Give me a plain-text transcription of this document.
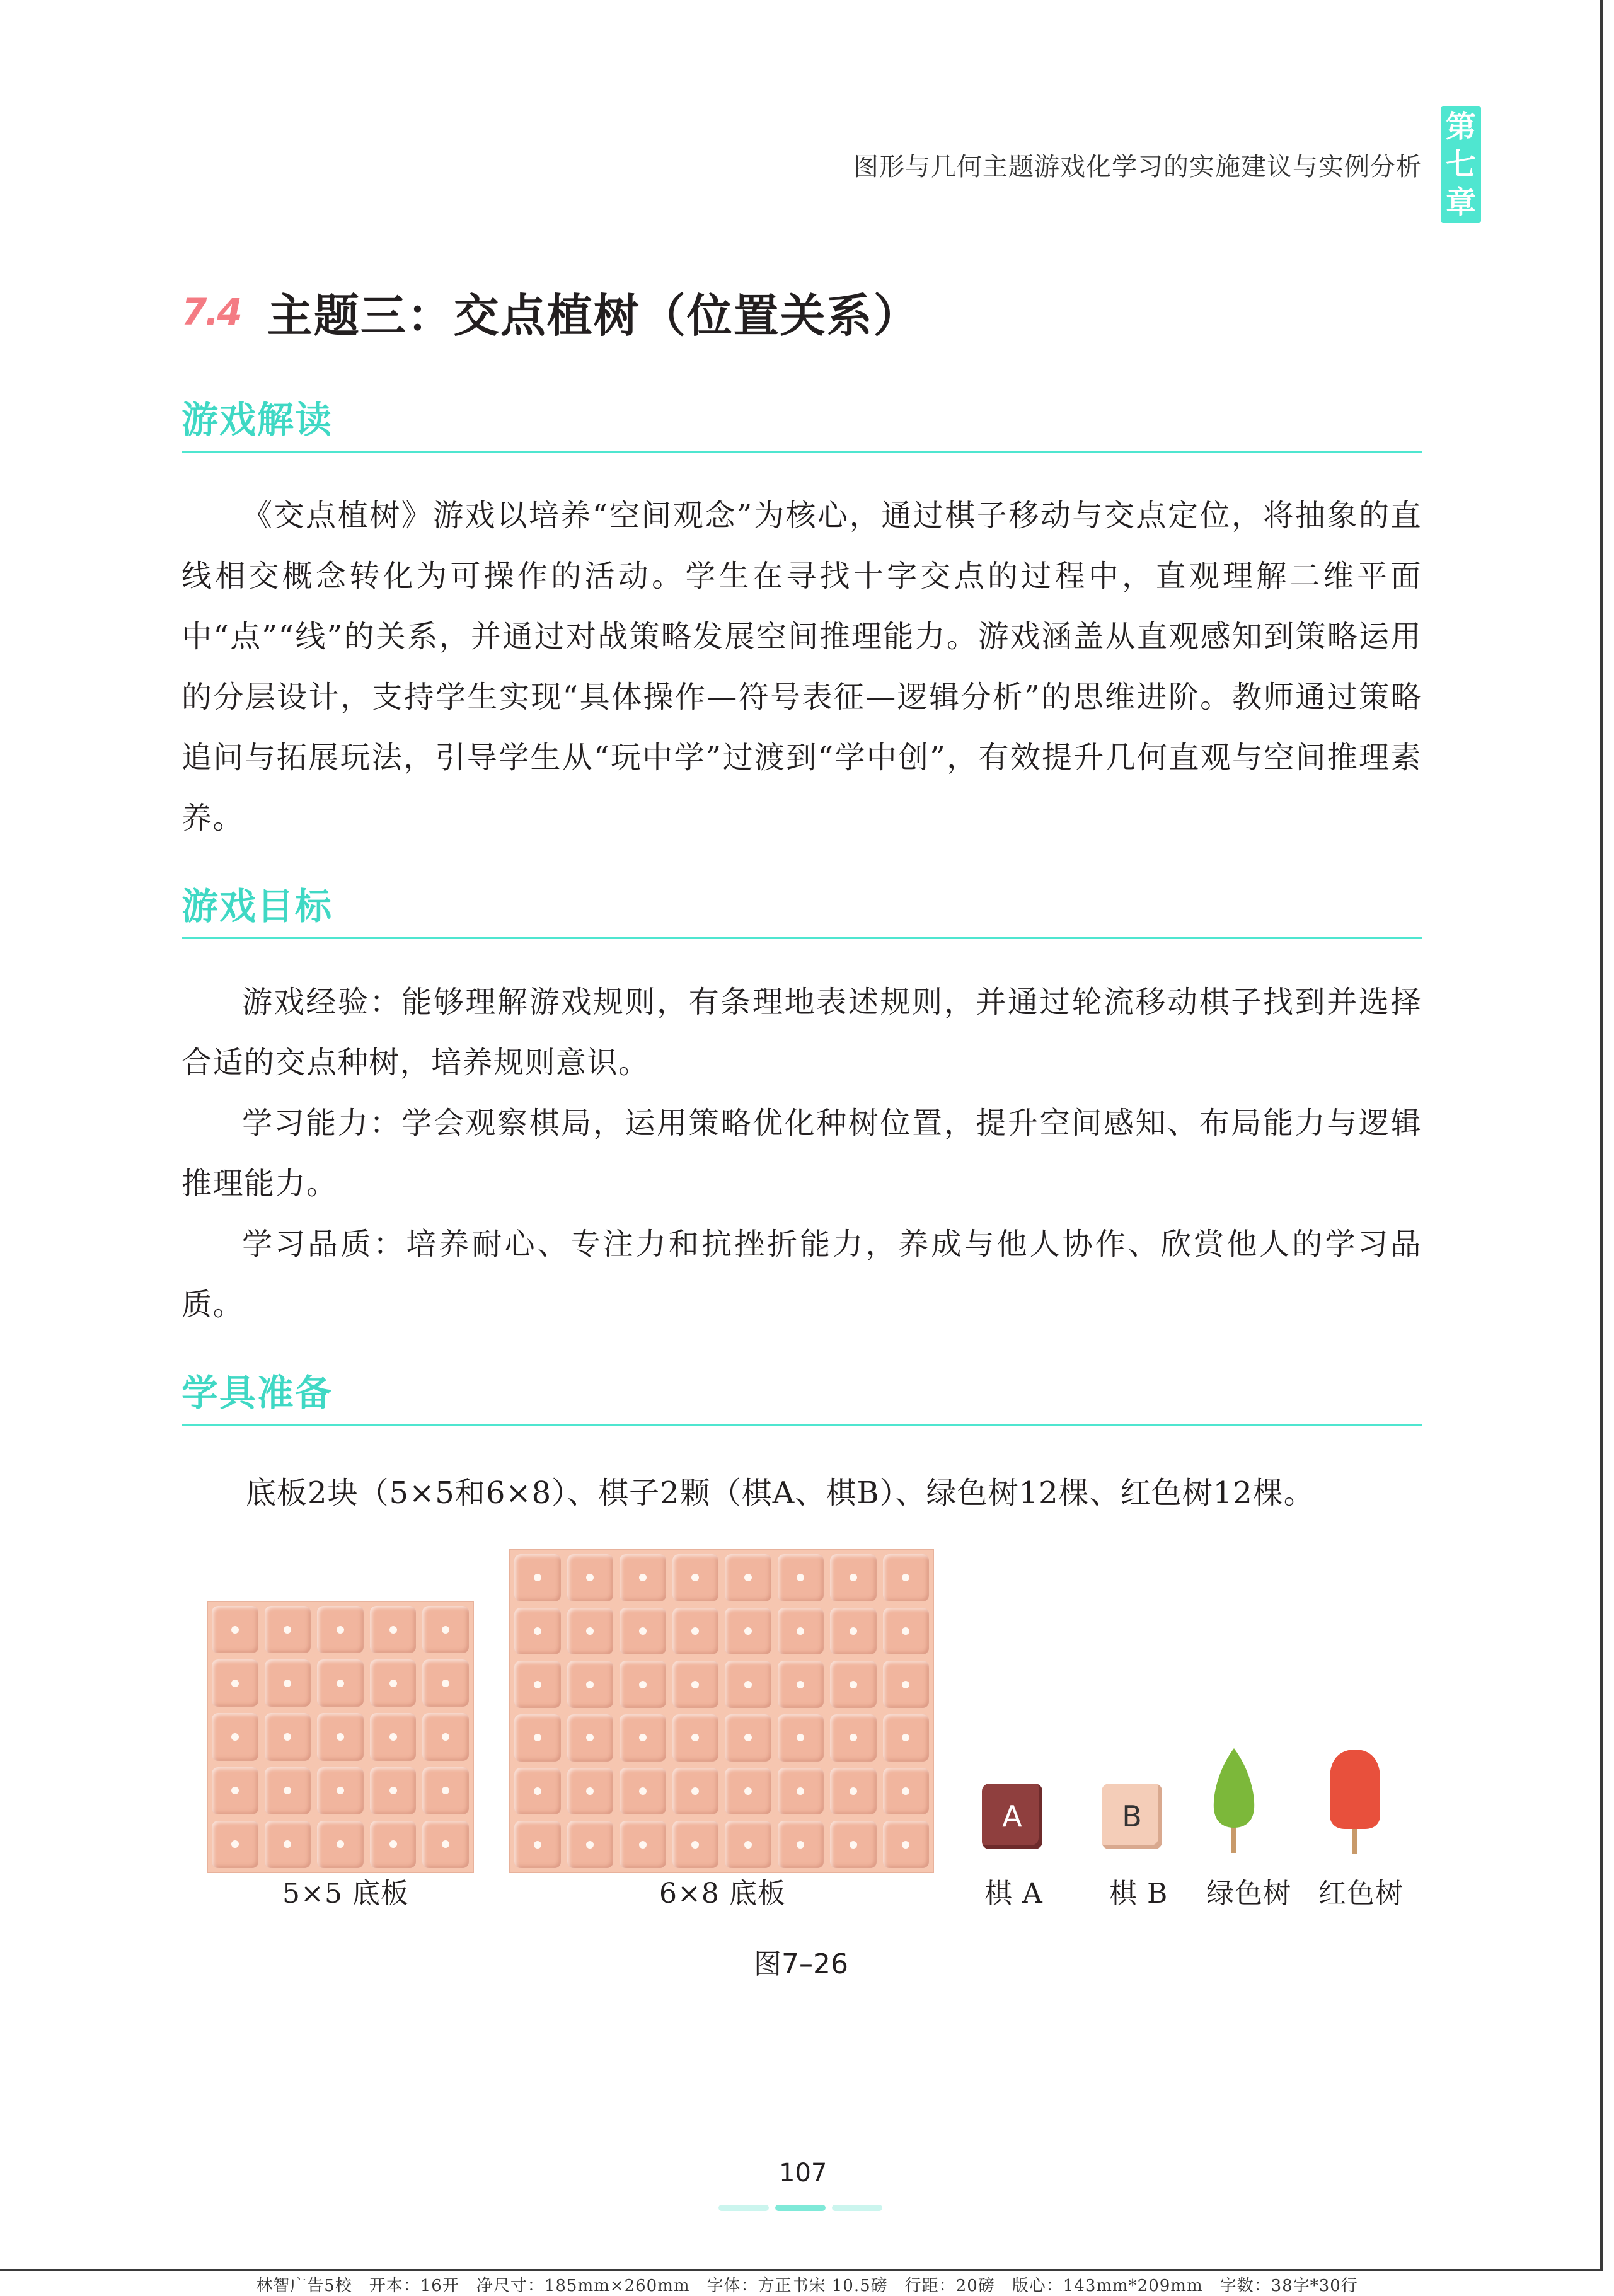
图形与几何主题游戏化学习的实施建议与实例分析
第
七
章
7.4 主题三：交点植树（位置关系）
游戏解读

《交点植树》游戏以培养“空间观念”为核心，通过棋子移动与交点定位，将抽象的直线相交概念转化为可操作的活动。学生在寻找十字交点的过程中，直观理解二维平面中“点”“线”的关系，并通过对战策略发展空间推理能力。游戏涵盖从直观感知到策略运用的分层设计，支持学生实现“具体操作—符号表征—逻辑分析”的思维进阶。教师通过策略追问与拓展玩法，引导学生从“玩中学”过渡到“学中创”，有效提升几何直观与空间推理素养。

游戏目标

游戏经验：能够理解游戏规则，有条理地表述规则，并通过轮流移动棋子找到并选择合适的交点种树，培养规则意识。

学习能力：学会观察棋局，运用策略优化种树位置，提升空间感知、布局能力与逻辑推理能力。

学习品质：培养耐心、专注力和抗挫折能力，养成与他人协作、欣赏他人的学习品质。

学具准备
底板2块（5×5和6×8）、棋子2颗（棋A、棋B）、绿色树12棵、红色树12棵。
A	B
5×5 底板	6×8 底板	棋 A 棋 B 绿色树 红色树
图7–26
107
林智广告5校　开本：16开　净尺寸：185mm×260mm　字体：方正书宋 10.5磅　行距：20磅　版心：143mm*209mm　字数：38字*30行
